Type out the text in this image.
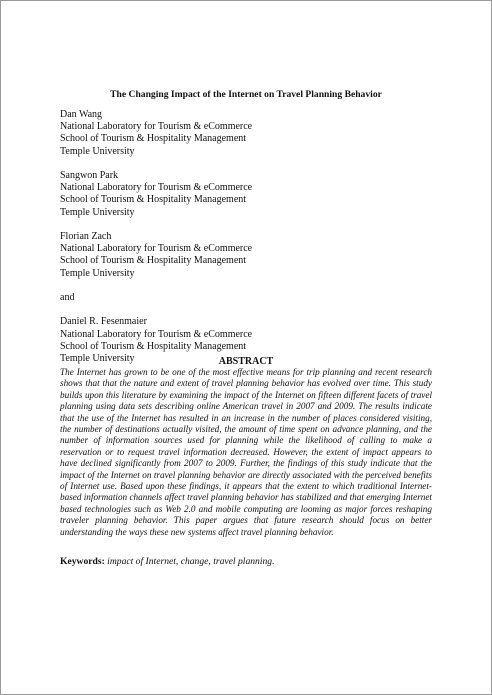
The Changing Impact of the Internet on Travel Planning Behavior
Dan Wang
National Laboratory for Tourism & eCommerce
School of Tourism & Hospitality Management
Temple University
Sangwon Park
National Laboratory for Tourism & eCommerce
School of Tourism & Hospitality Management
Temple University
Florian Zach
National Laboratory for Tourism & eCommerce
School of Tourism & Hospitality Management
Temple University
and
Daniel R. Fesenmaier
National Laboratory for Tourism & eCommerce
School of Tourism & Hospitality Management
Temple University	ABSTRACT

The Internet has grown to be one of the most effective means for trip planning and recent research shows that that the nature and extent of travel planning behavior has evolved over time. This study builds upon this literature by examining the impact of the Internet on fifteen different facets of travel planning using data sets describing online American travel in 2007 and 2009. The results indicate that the use of the Internet has resulted in an increase in the number of places considered visiting, the number of destinations actually visited, the amount of time spent on advance planning, and the number of information sources used for planning while the likelihood of calling to make a reservation or to request travel information decreased. However, the extent of impact appears to have declined significantly from 2007 to 2009. Further, the findings of this study indicate that the impact of the Internet on travel planning behavior are directly associated with the perceived benefits of Internet use. Based upon these findings, it appears that the extent to which traditional Internet-based information channels affect travel planning behavior has stabilized and that emerging Internet based technologies such as Web 2.0 and mobile computing are looming as major forces reshaping traveler planning behavior. This paper argues that future research should focus on better understanding the ways these new systems affect travel planning behavior.

Keywords: impact of Internet, change, travel planning.
